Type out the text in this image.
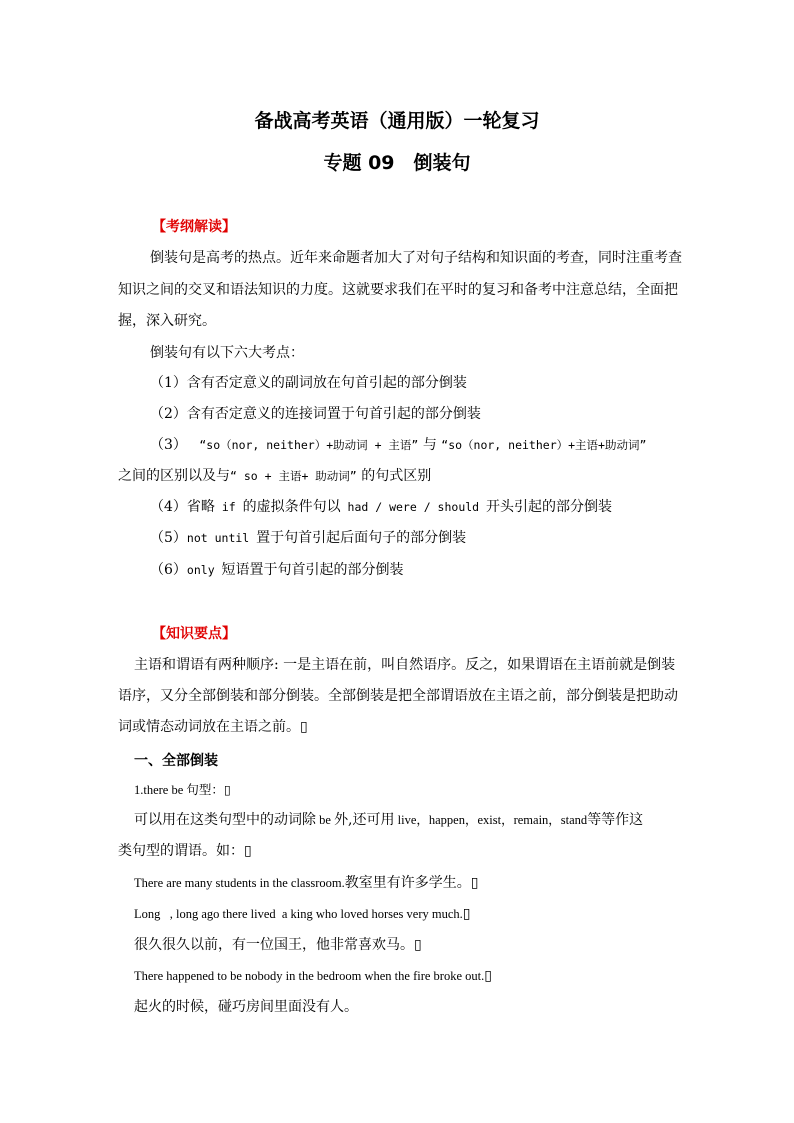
备战高考英语（通用版）一轮复习
专题 09　倒装句
【考纲解读】
倒装句是高考的热点。近年来命题者加大了对句子结构和知识面的考查，同时注重考查
知识之间的交叉和语法知识的力度。这就要求我们在平时的复习和备考中注意总结，全面把
握，深入研究。
倒装句有以下六大考点：
（1）含有否定意义的副词放在句首引起的部分倒装
（2）含有否定意义的连接词置于句首引起的部分倒装
（3） “so（nor, neither）+助动词 + 主语” 与 “so（nor, neither）+主语+助动词”
之间的区别以及与“ so + 主语+ 助动词” 的句式区别
（4）省略 if 的虚拟条件句以 had / were / should 开头引起的部分倒装
（5）not until 置于句首引起后面句子的部分倒装
（6）only 短语置于句首引起的部分倒装
【知识要点】
主语和谓语有两种顺序: 一是主语在前，叫自然语序。反之，如果谓语在主语前就是倒装
语序，又分全部倒装和部分倒装。全部倒装是把全部谓语放在主语之前，部分倒装是把助动
词或情态动词放在主语之前。▯
一、全部倒装
1.there be 句型：▯
可以用在这类句型中的动词除 be 外,还可用 live，happen，exist，remain，stand等等作这
类句型的谓语。如：▯
There are many students in the classroom.教室里有许多学生。▯
Long   , long ago there lived  a king who loved horses very much.▯
很久很久以前，有一位国王，他非常喜欢马。▯
There happened to be nobody in the bedroom when the fire broke out.▯
起火的时候，碰巧房间里面没有人。
